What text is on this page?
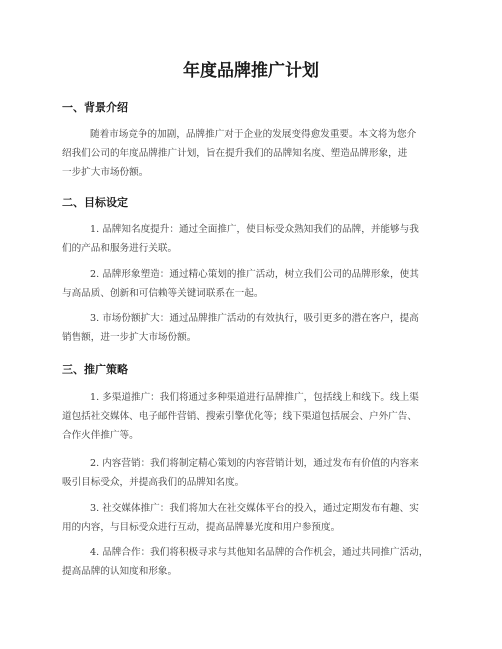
年度品牌推广计划
一、背景介绍
随着市场竞争的加剧，品牌推广对于企业的发展变得愈发重要。本文将为您介
绍我们公司的年度品牌推广计划，旨在提升我们的品牌知名度、塑造品牌形象，进
一步扩大市场份额。
二、目标设定
1. 品牌知名度提升：通过全面推广，使目标受众熟知我们的品牌，并能够与我
们的产品和服务进行关联。
2. 品牌形象塑造：通过精心策划的推广活动，树立我们公司的品牌形象，使其
与高品质、创新和可信赖等关键词联系在一起。
3. 市场份额扩大：通过品牌推广活动的有效执行，吸引更多的潜在客户，提高
销售额，进一步扩大市场份额。
三、推广策略
1. 多渠道推广：我们将通过多种渠道进行品牌推广，包括线上和线下。线上渠
道包括社交媒体、电子邮件营销、搜索引擎优化等；线下渠道包括展会、户外广告、
合作火伴推广等。
2. 内容营销：我们将制定精心策划的内容营销计划，通过发布有价值的内容来
吸引目标受众，并提高我们的品牌知名度。
3. 社交媒体推广：我们将加大在社交媒体平台的投入，通过定期发布有趣、实
用的内容，与目标受众进行互动，提高品牌暴光度和用户参预度。
4. 品牌合作：我们将积极寻求与其他知名品牌的合作机会，通过共同推广活动，
提高品牌的认知度和形象。
